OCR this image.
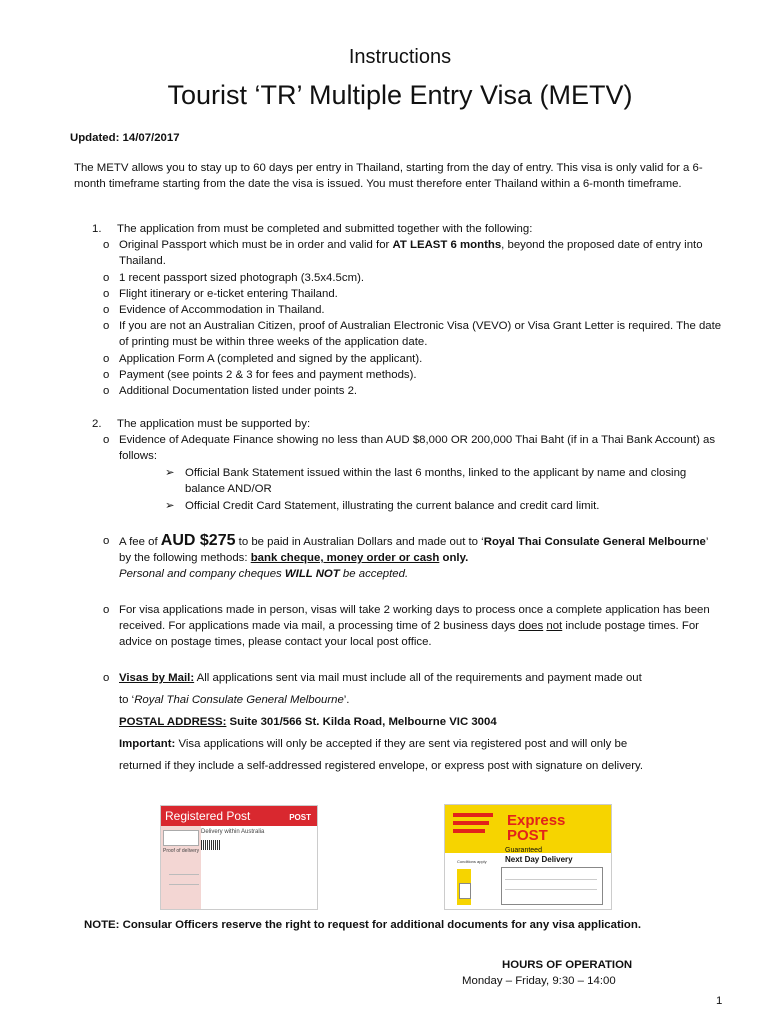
Instructions
Tourist ‘TR’ Multiple Entry Visa (METV)
Updated: 14/07/2017
The METV allows you to stay up to 60 days per entry in Thailand, starting from the day of entry. This visa is only valid for a 6-month timeframe starting from the date the visa is issued. You must therefore enter Thailand within a 6-month timeframe.
1. The application from must be completed and submitted together with the following:
o Original Passport which must be in order and valid for AT LEAST 6 months, beyond the proposed date of entry into Thailand.
o 1 recent passport sized photograph (3.5x4.5cm).
o Flight itinerary or e-ticket entering Thailand.
o Evidence of Accommodation in Thailand.
o If you are not an Australian Citizen, proof of Australian Electronic Visa (VEVO) or Visa Grant Letter is required. The date of printing must be within three weeks of the application date.
o Application Form A (completed and signed by the applicant).
o Payment (see points 2 & 3 for fees and payment methods).
o Additional Documentation listed under points 2.
2. The application must be supported by:
o Evidence of Adequate Finance showing no less than AUD $8,000 OR 200,000 Thai Baht (if in a Thai Bank Account) as follows:
➢ Official Bank Statement issued within the last 6 months, linked to the applicant by name and closing balance AND/OR
➢ Official Credit Card Statement, illustrating the current balance and credit card limit.
o A fee of AUD $275 to be paid in Australian Dollars and made out to ‘Royal Thai Consulate General Melbourne’ by the following methods: bank cheque, money order or cash only.
Personal and company cheques WILL NOT be accepted.
o For visa applications made in person, visas will take 2 working days to process once a complete application has been received. For applications made via mail, a processing time of 2 business days does not include postage times. For advice on postage times, please contact your local post office.
o Visas by Mail: All applications sent via mail must include all of the requirements and payment made out
to ‘Royal Thai Consulate General Melbourne’.
POSTAL ADDRESS: Suite 301/566 St. Kilda Road, Melbourne VIC 3004
Important: Visa applications will only be accepted if they are sent via registered post and will only be
returned if they include a self-addressed registered envelope, or express post with signature on delivery.
Registered Post	POST
Delivery within Australia
Proof of delivery
Express
POST
Guaranteed
Next Day Delivery
Conditions apply
NOTE: Consular Officers reserve the right to request for additional documents for any visa application.
HOURS OF OPERATION
Monday – Friday, 9:30 – 14:00
1
